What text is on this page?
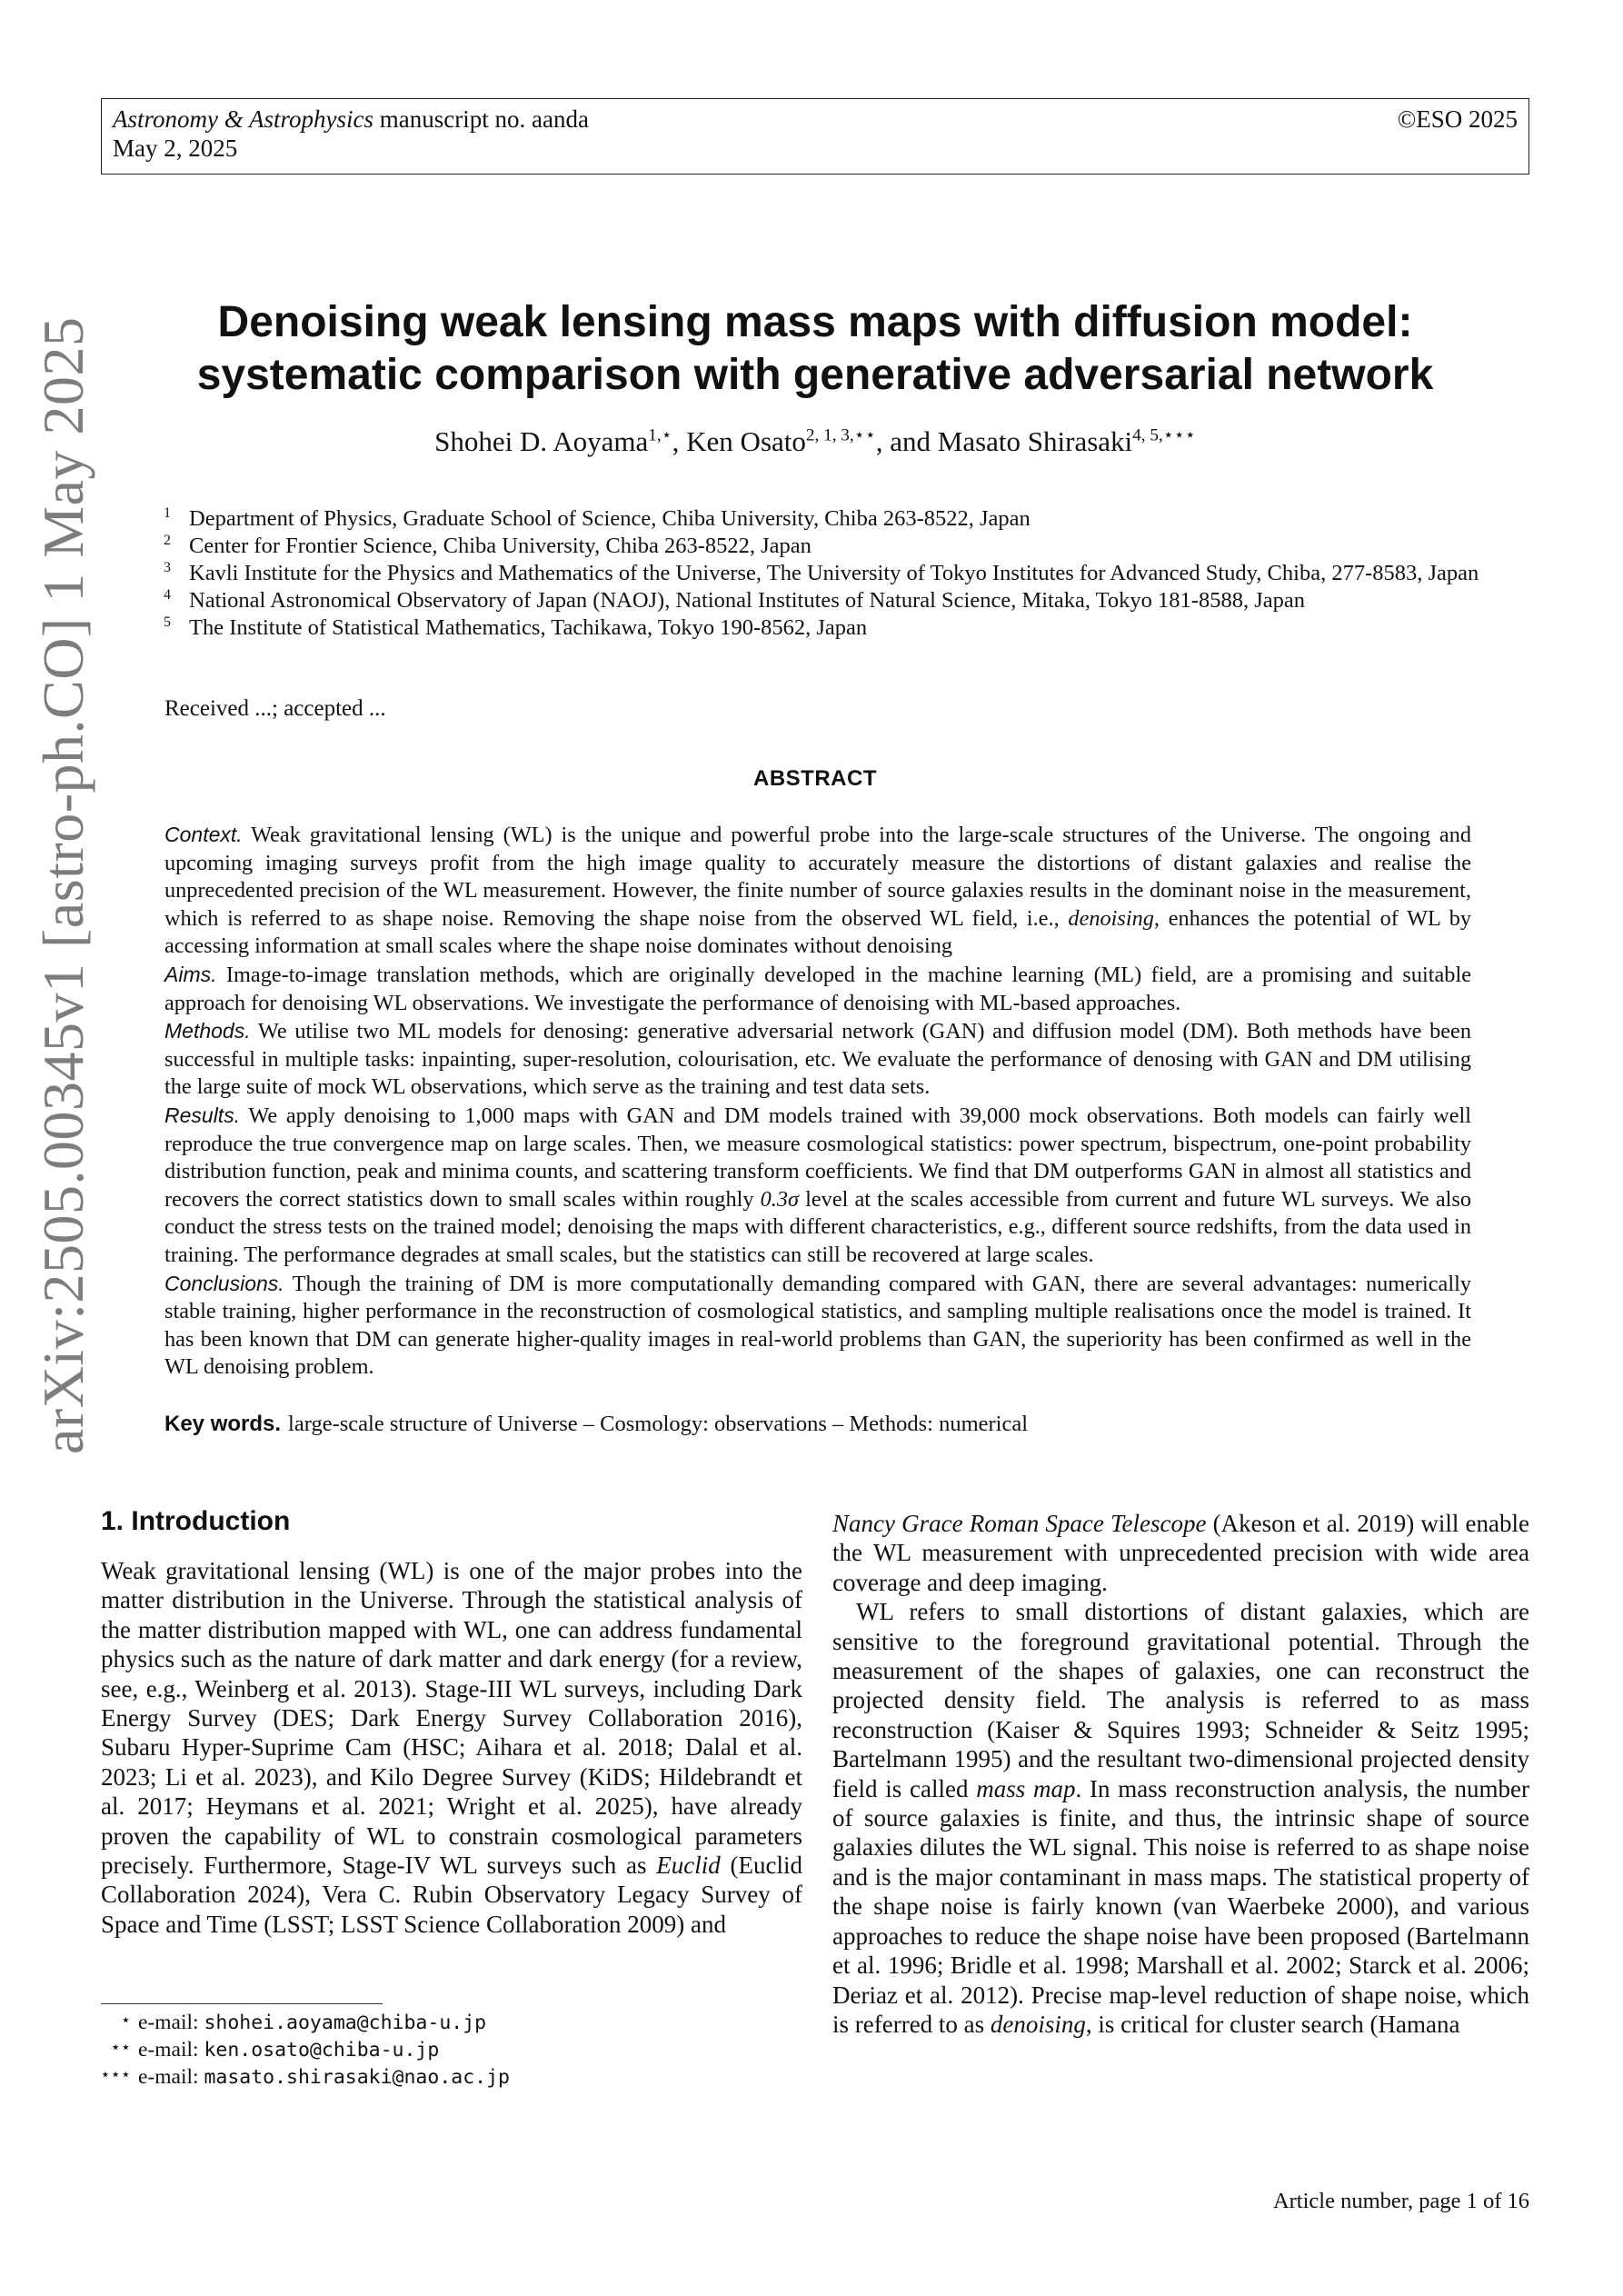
Astronomy & Astrophysics manuscript no. aanda
May 2, 2025
©ESO 2025
arXiv:2505.00345v1 [astro-ph.CO] 1 May 2025	Denoising weak lensing mass maps with diffusion model:
systematic comparison with generative adversarial network
Shohei D. Aoyama$^{1,⋆}$, Ken Osato$^{2, 1, 3,⋆⋆}$, and Masato Shirasaki$^{4, 5,⋆⋆⋆}$
1 Department of Physics, Graduate School of Science, Chiba University, Chiba 263-8522, Japan
2 Center for Frontier Science, Chiba University, Chiba 263-8522, Japan
3 Kavli Institute for the Physics and Mathematics of the Universe, The University of Tokyo Institutes for Advanced Study, Chiba, 277-8583, Japan
4 National Astronomical Observatory of Japan (NAOJ), National Institutes of Natural Science, Mitaka, Tokyo 181-8588, Japan
5 The Institute of Statistical Mathematics, Tachikawa, Tokyo 190-8562, Japan
Received ...; accepted ...
ABSTRACT

Context. Weak gravitational lensing (WL) is the unique and powerful probe into the large-scale structures of the Universe. The ongoing and upcoming imaging surveys profit from the high image quality to accurately measure the distortions of distant galaxies and realise the unprecedented precision of the WL measurement. However, the finite number of source galaxies results in the dominant noise in the measurement, which is referred to as shape noise. Removing the shape noise from the observed WL field, i.e., denoising, enhances the potential of WL by accessing information at small scales where the shape noise dominates without denoising

Aims. Image-to-image translation methods, which are originally developed in the machine learning (ML) field, are a promising and suitable approach for denoising WL observations. We investigate the performance of denoising with ML-based approaches.

Methods. We utilise two ML models for denosing: generative adversarial network (GAN) and diffusion model (DM). Both methods have been successful in multiple tasks: inpainting, super-resolution, colourisation, etc. We evaluate the performance of denosing with GAN and DM utilising the large suite of mock WL observations, which serve as the training and test data sets.

Results. We apply denoising to 1,000 maps with GAN and DM models trained with 39,000 mock observations. Both models can fairly well reproduce the true convergence map on large scales. Then, we measure cosmological statistics: power spectrum, bispectrum, one-point probability distribution function, peak and minima counts, and scattering transform coefficients. We find that DM outperforms GAN in almost all statistics and recovers the correct statistics down to small scales within roughly 0.3σ level at the scales accessible from current and future WL surveys. We also conduct the stress tests on the trained model; denoising the maps with different characteristics, e.g., different source redshifts, from the data used in training. The performance degrades at small scales, but the statistics can still be recovered at large scales.

Conclusions. Though the training of DM is more computationally demanding compared with GAN, there are several advantages: numerically stable training, higher performance in the reconstruction of cosmological statistics, and sampling multiple realisations once the model is trained. It has been known that DM can generate higher-quality images in real-world problems than GAN, the superiority has been confirmed as well in the WL denoising problem.

Key words. large-scale structure of Universe – Cosmology: observations – Methods: numerical
1. Introduction

Weak gravitational lensing (WL) is one of the major probes into the matter distribution in the Universe. Through the statistical analysis of the matter distribution mapped with WL, one can address fundamental physics such as the nature of dark matter and dark energy (for a review, see, e.g., Weinberg et al. 2013). Stage-III WL surveys, including Dark Energy Survey (DES; Dark Energy Survey Collaboration 2016), Subaru Hyper-Suprime Cam (HSC; Aihara et al. 2018; Dalal et al. 2023; Li et al. 2023), and Kilo Degree Survey (KiDS; Hildebrandt et al. 2017; Heymans et al. 2021; Wright et al. 2025), have already proven the capability of WL to constrain cosmological parameters precisely. Furthermore, Stage-IV WL surveys such as Euclid (Euclid Collaboration 2024), Vera C. Rubin Observatory Legacy Survey of Space and Time (LSST; LSST Science Collaboration 2009) and

Nancy Grace Roman Space Telescope (Akeson et al. 2019) will enable the WL measurement with unprecedented precision with wide area coverage and deep imaging.

WL refers to small distortions of distant galaxies, which are sensitive to the foreground gravitational potential. Through the measurement of the shapes of galaxies, one can reconstruct the projected density field. The analysis is referred to as mass reconstruction (Kaiser & Squires 1993; Schneider & Seitz 1995; Bartelmann 1995) and the resultant two-dimensional projected density field is called mass map. In mass reconstruction analysis, the number of source galaxies is finite, and thus, the intrinsic shape of source galaxies dilutes the WL signal. This noise is referred to as shape noise and is the major contaminant in mass maps. The statistical property of the shape noise is fairly known (van Waerbeke 2000), and various approaches to reduce the shape noise have been proposed (Bartelmann et al. 1996; Bridle et al. 1998; Marshall et al. 2002; Starck et al. 2006; Deriaz et al. 2012). Precise map-level reduction of shape noise, which is referred to as denoising, is critical for cluster search (Hamana

⋆ e-mail:
shohei.aoyama@chiba-u.jp
⋆⋆ e-mail:
ken.osato@chiba-u.jp
⋆⋆⋆ e-mail:
masato.shirasaki@nao.ac.jp
Article number, page 1 of 16
